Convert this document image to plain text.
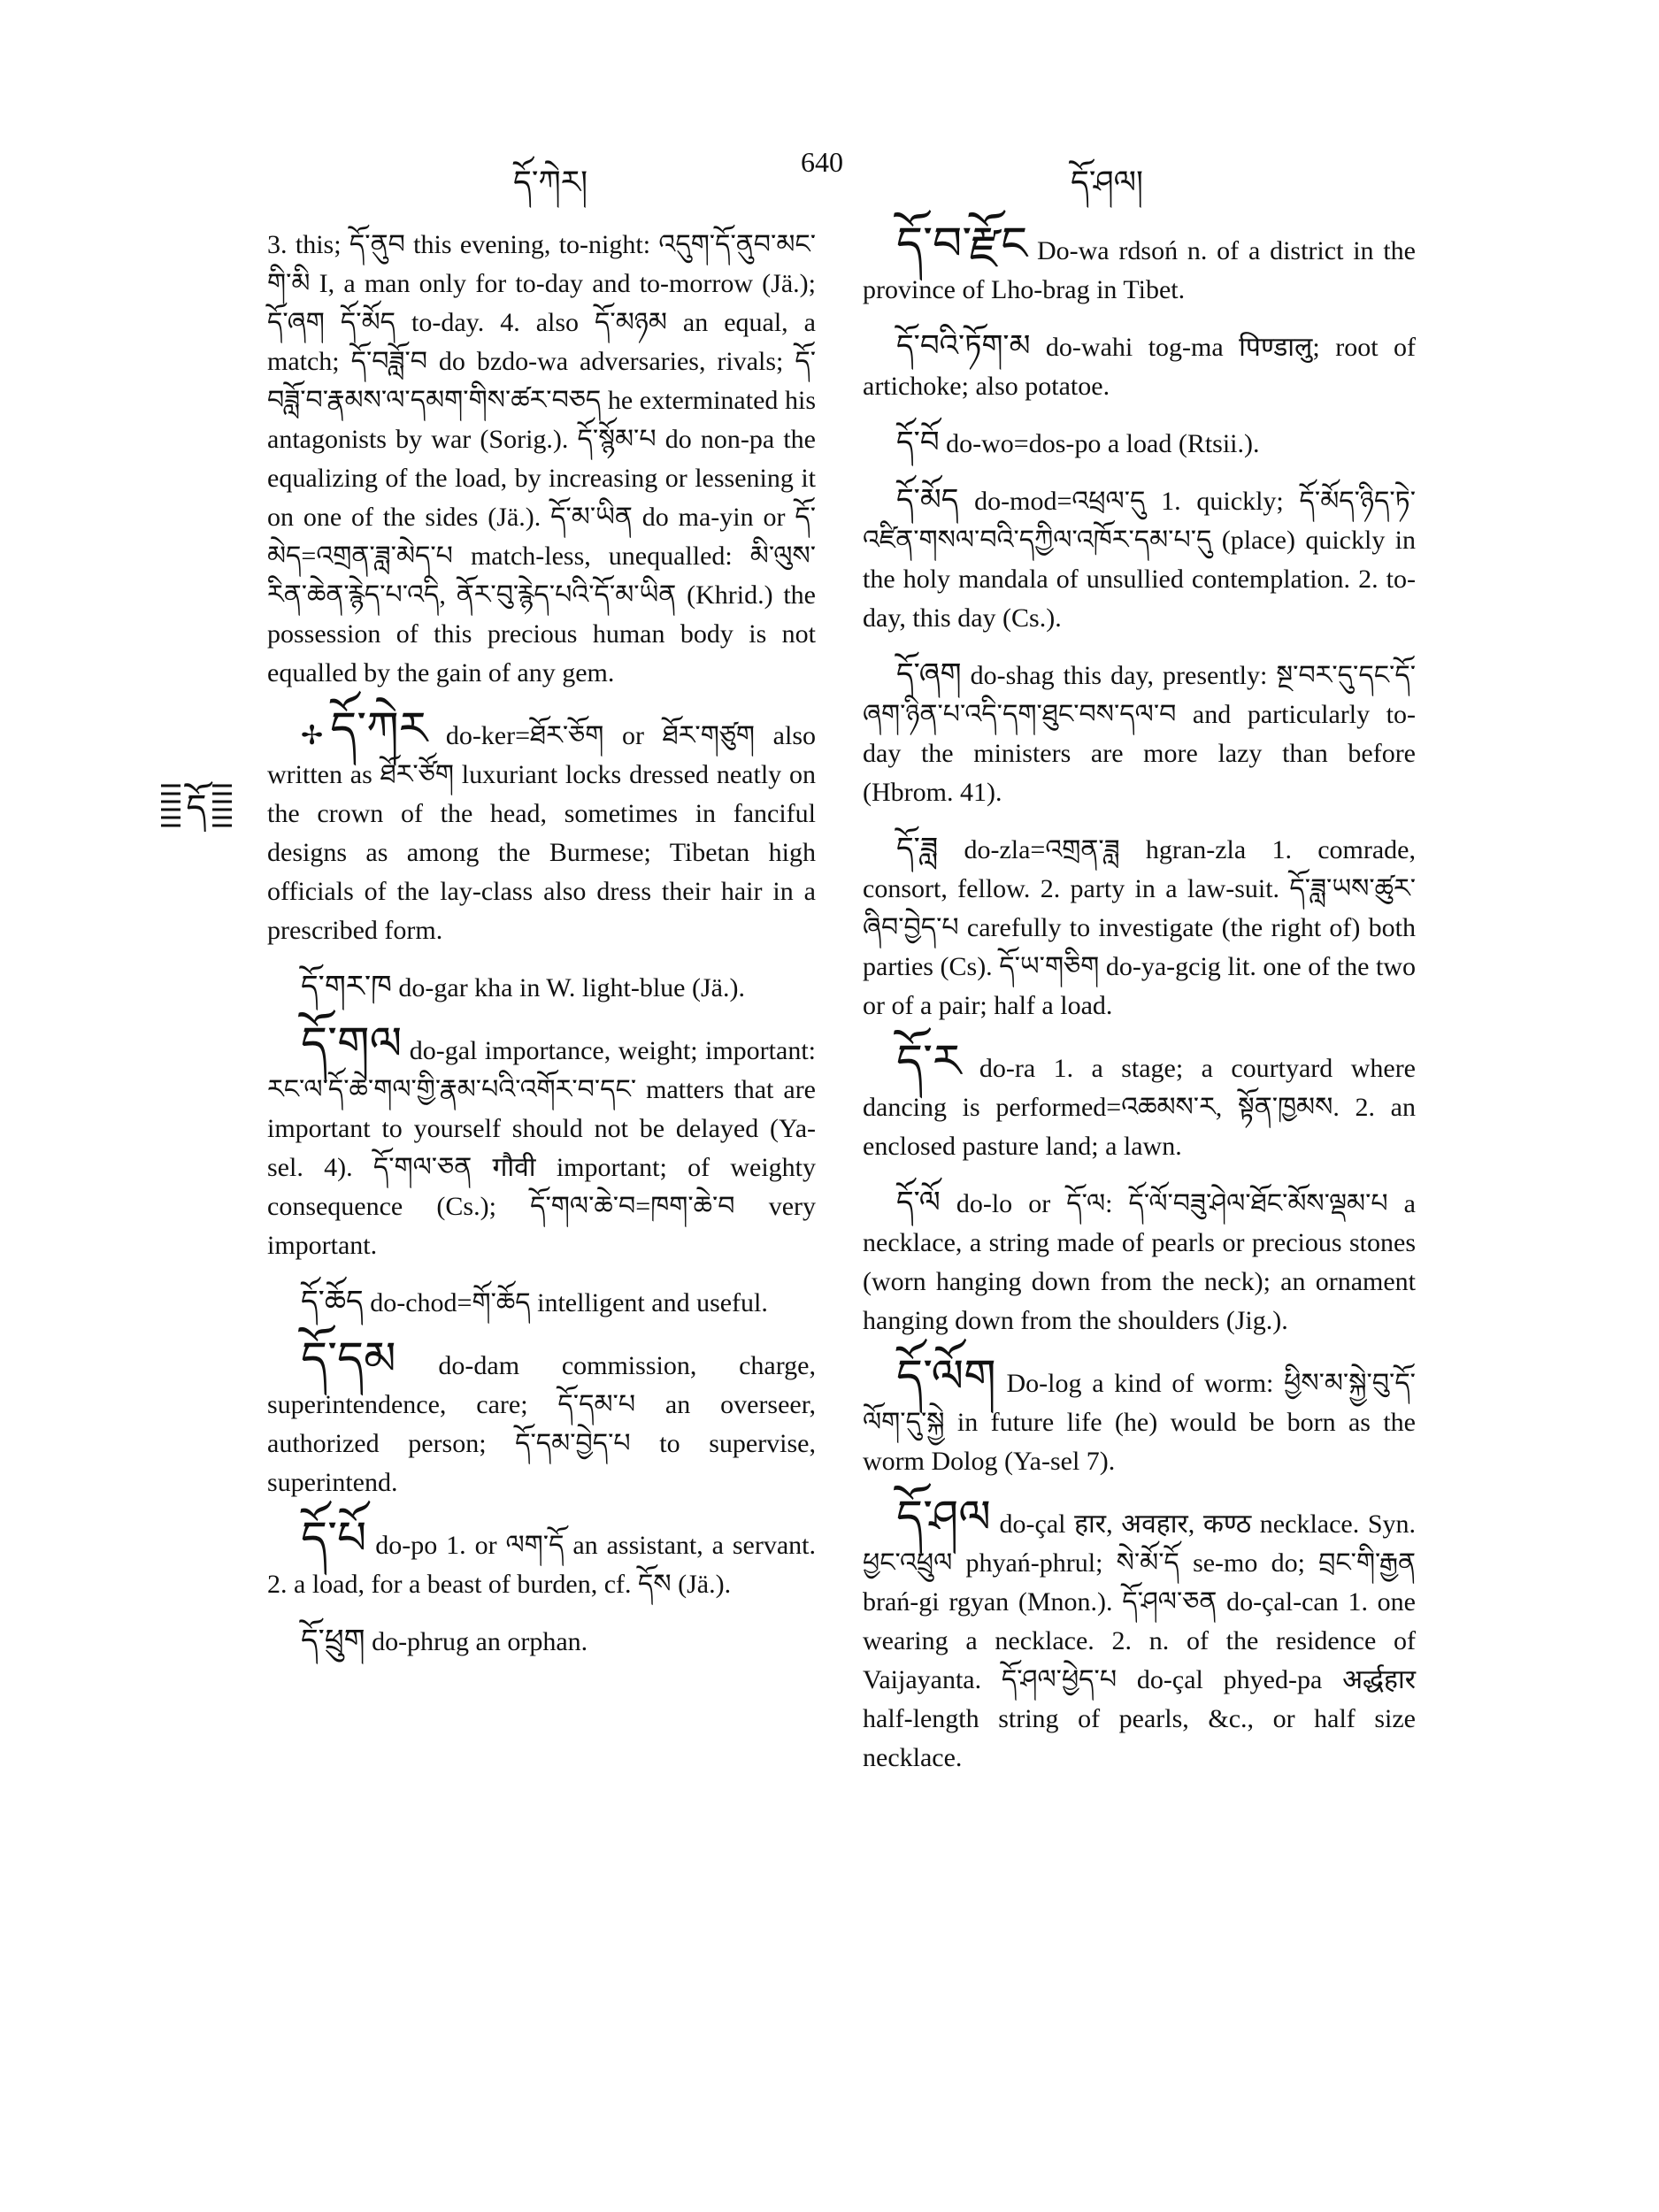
དོ་ཀེར།
640
དོ་ཤལ།
དོ

3. this; དོ་ནུབ this evening, to-night: འདུག་དོ་ནུབ་མང་གི་མི I, a man only for to-day and to-morrow (Jä.); དོ་ཞག དོ་མོད to-day. 4. also དོ་མཉམ an equal, a match; དོ་བཟློ་བ do bzdo-wa adversaries, rivals; དོ་བཟློ་བ་རྣམས་ལ་དམག་གིས་ཚར་བཅད he exterminated his antagonists by war (Sorig.). དོ་སྙོམ་པ do non-pa the equalizing of the load, by increasing or lessening it on one of the sides (Jä.). དོ་མ་ཡིན do ma-yin or དོ་མེད=འགྲན་ཟླ་མེད་པ match-less, unequalled: མི་ལུས་རིན་ཆེན་རྙེད་པ་འདི, ནོར་བུ་རྙེད་པའི་དོ་མ་ཡིན (Khrid.) the possession of this precious human body is not equalled by the gain of any gem.

✢ དོ་ཀེར do-ker=ཐོར་ཅོག or ཐོར་གཙུག also written as ཐོར་ཙོག luxuriant locks dressed neatly on the crown of the head, sometimes in fanciful designs as among the Burmese; Tibetan high officials of the lay-class also dress their hair in a prescribed form.

དོ་གར་ཁ do-gar kha in W. light-blue (Jä.).

དོ་གལ do-gal importance, weight; important: རང་ལ་དོ་ཆེ་གལ་གྱི་རྣམ་པའི་འགོར་བ་དང་ matters that are important to yourself should not be delayed (Ya-sel. 4). དོ་གལ་ཅན गौवी important; of weighty consequence (Cs.); དོ་གལ་ཆེ་བ=ཁག་ཆེ་བ very important.

དོ་ཆོད do-chod=གོ་ཆོད intelligent and useful.

དོ་དམ do-dam commission, charge, superintendence, care; དོ་དམ་པ an overseer, authorized person; དོ་དམ་བྱེད་པ to supervise, superintend.

དོ་པོ do-po 1. or ལག་དོ an assistant, a servant. 2. a load, for a beast of burden, cf. དོས (Jä.).

དོ་ཕྲུག do-phrug an orphan.

དོ་བ་རྫོང Do-wa rdsoń n. of a district in the province of Lho-brag in Tibet.

དོ་བའི་ཏོག་མ do-wahi tog-ma पिण्डालु; root of artichoke; also potatoe.

དོ་བོ do-wo=dos-po a load (Rtsii.).

དོ་མོད do-mod=འཕྲལ་དུ 1. quickly; དོ་མོད་ཉིད་ཏེ་འཛིན་གསལ་བའི་དཀྱིལ་འཁོར་དམ་པ་དུ (place) quickly in the holy mandala of unsullied contemplation. 2. to-day, this day (Cs.).

དོ་ཞག do-shag this day, presently: སྔ་བར་དུ་དང་དོ་ཞག་ཉིན་པ་འདི་དག་ཐུང་བས་དལ་བ and particularly to-day the ministers are more lazy than before (Hbrom. 41).

དོ་ཟླ do-zla=འགྲན་ཟླ hgran-zla 1. comrade, consort, fellow. 2. party in a law-suit. དོ་ཟླ་ཡས་ཚུར་ཞིབ་བྱེད་པ carefully to investigate (the right of) both parties (Cs). དོ་ཡ་གཅིག do-ya-gcig lit. one of the two or of a pair; half a load.

དོ་ར do-ra 1. a stage; a courtyard where dancing is performed=འཆམས་ར, སྟོན་ཁྱམས. 2. an enclosed pasture land; a lawn.

དོ་ལོ do-lo or དོ་ལ: དོ་ལོ་བཟུ་ཤེལ་ཐོང་མོས་ལྡམ་པ a necklace, a string made of pearls or precious stones (worn hanging down from the neck); an ornament hanging down from the shoulders (Jig.).

དོ་ལོག Do-log a kind of worm: ཕྱིས་མ་སྐྱེ་བུ་དོ་ལོག་དུ་སྐྱེ in future life (he) would be born as the worm Dolog (Ya-sel 7).

དོ་ཤལ do-çal हार, अवहार, कण्ठ necklace. Syn. ཕྱང་འཕྲུལ phyań-phrul; སེ་མོ་དོ se-mo do; བྲང་གི་རྒྱན brań-gi rgyan (Mnon.). དོ་ཤལ་ཅན do-çal-can 1. one wearing a necklace. 2. n. of the residence of Vaijayanta. དོ་ཤལ་ཕྱེད་པ do-çal phyed-pa अर्द्धहार half-length string of pearls, &c., or half size necklace.
